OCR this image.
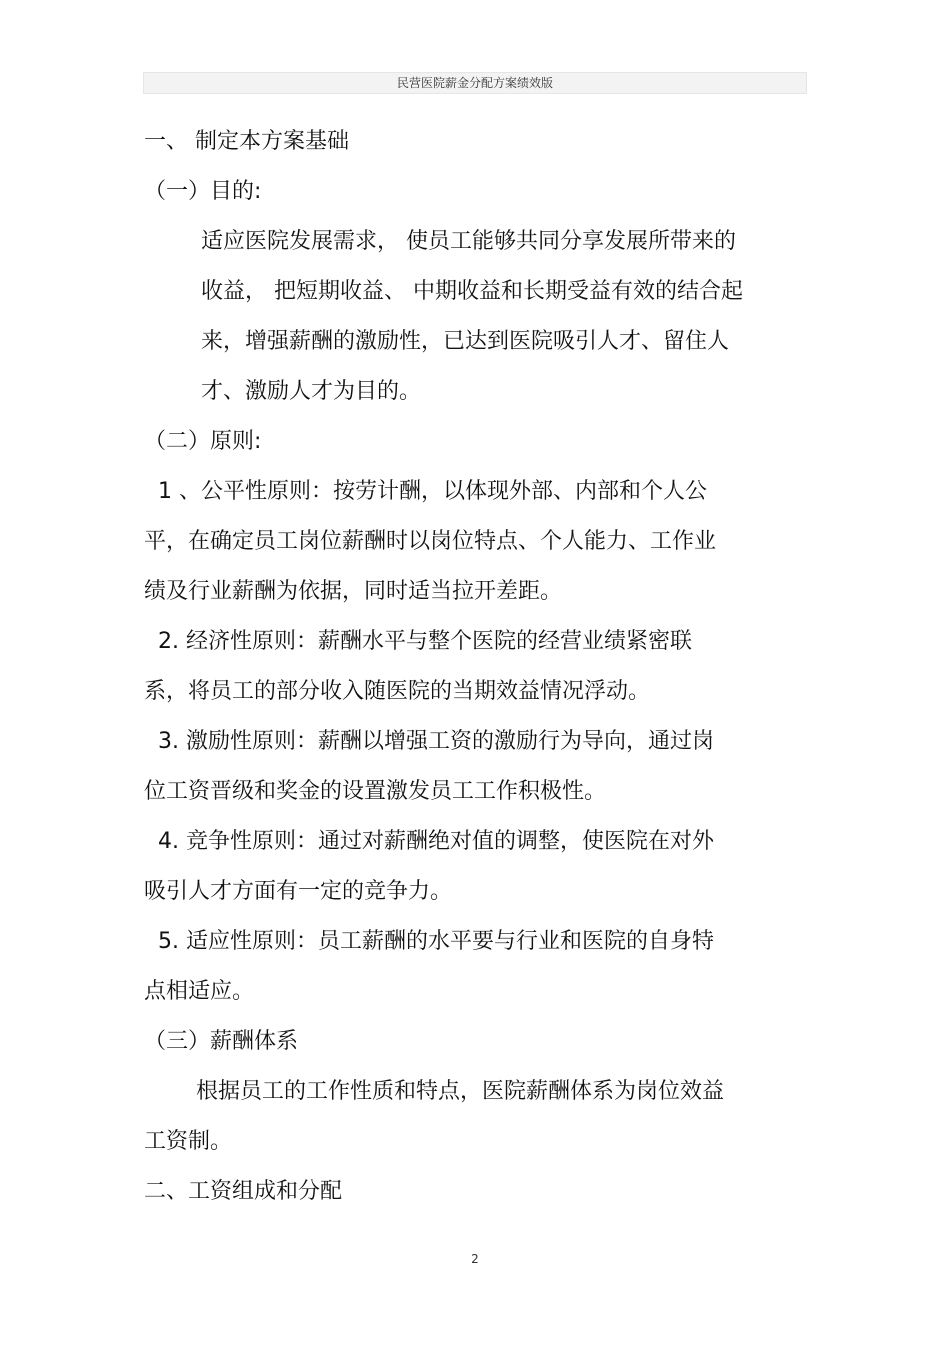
民营医院薪金分配方案绩效版
一、 制定本方案基础
（一）目的:
适应医院发展需求， 使员工能够共同分享发展所带来的
收益， 把短期收益、 中期收益和长期受益有效的结合起
来，增强薪酬的激励性，已达到医院吸引人才、留住人
才、激励人才为目的。
（二）原则:
1 、公平性原则：按劳计酬，以体现外部、内部和个人公
平，在确定员工岗位薪酬时以岗位特点、个人能力、工作业
绩及行业薪酬为依据，同时适当拉开差距。
2. 经济性原则：薪酬水平与整个医院的经营业绩紧密联
系，将员工的部分收入随医院的当期效益情况浮动。
3. 激励性原则：薪酬以增强工资的激励行为导向，通过岗
位工资晋级和奖金的设置激发员工工作积极性。
4. 竞争性原则：通过对薪酬绝对值的调整，使医院在对外
吸引人才方面有一定的竞争力。
5. 适应性原则：员工薪酬的水平要与行业和医院的自身特
点相适应。
（三）薪酬体系
根据员工的工作性质和特点，医院薪酬体系为岗位效益
工资制。
二、工资组成和分配
2
